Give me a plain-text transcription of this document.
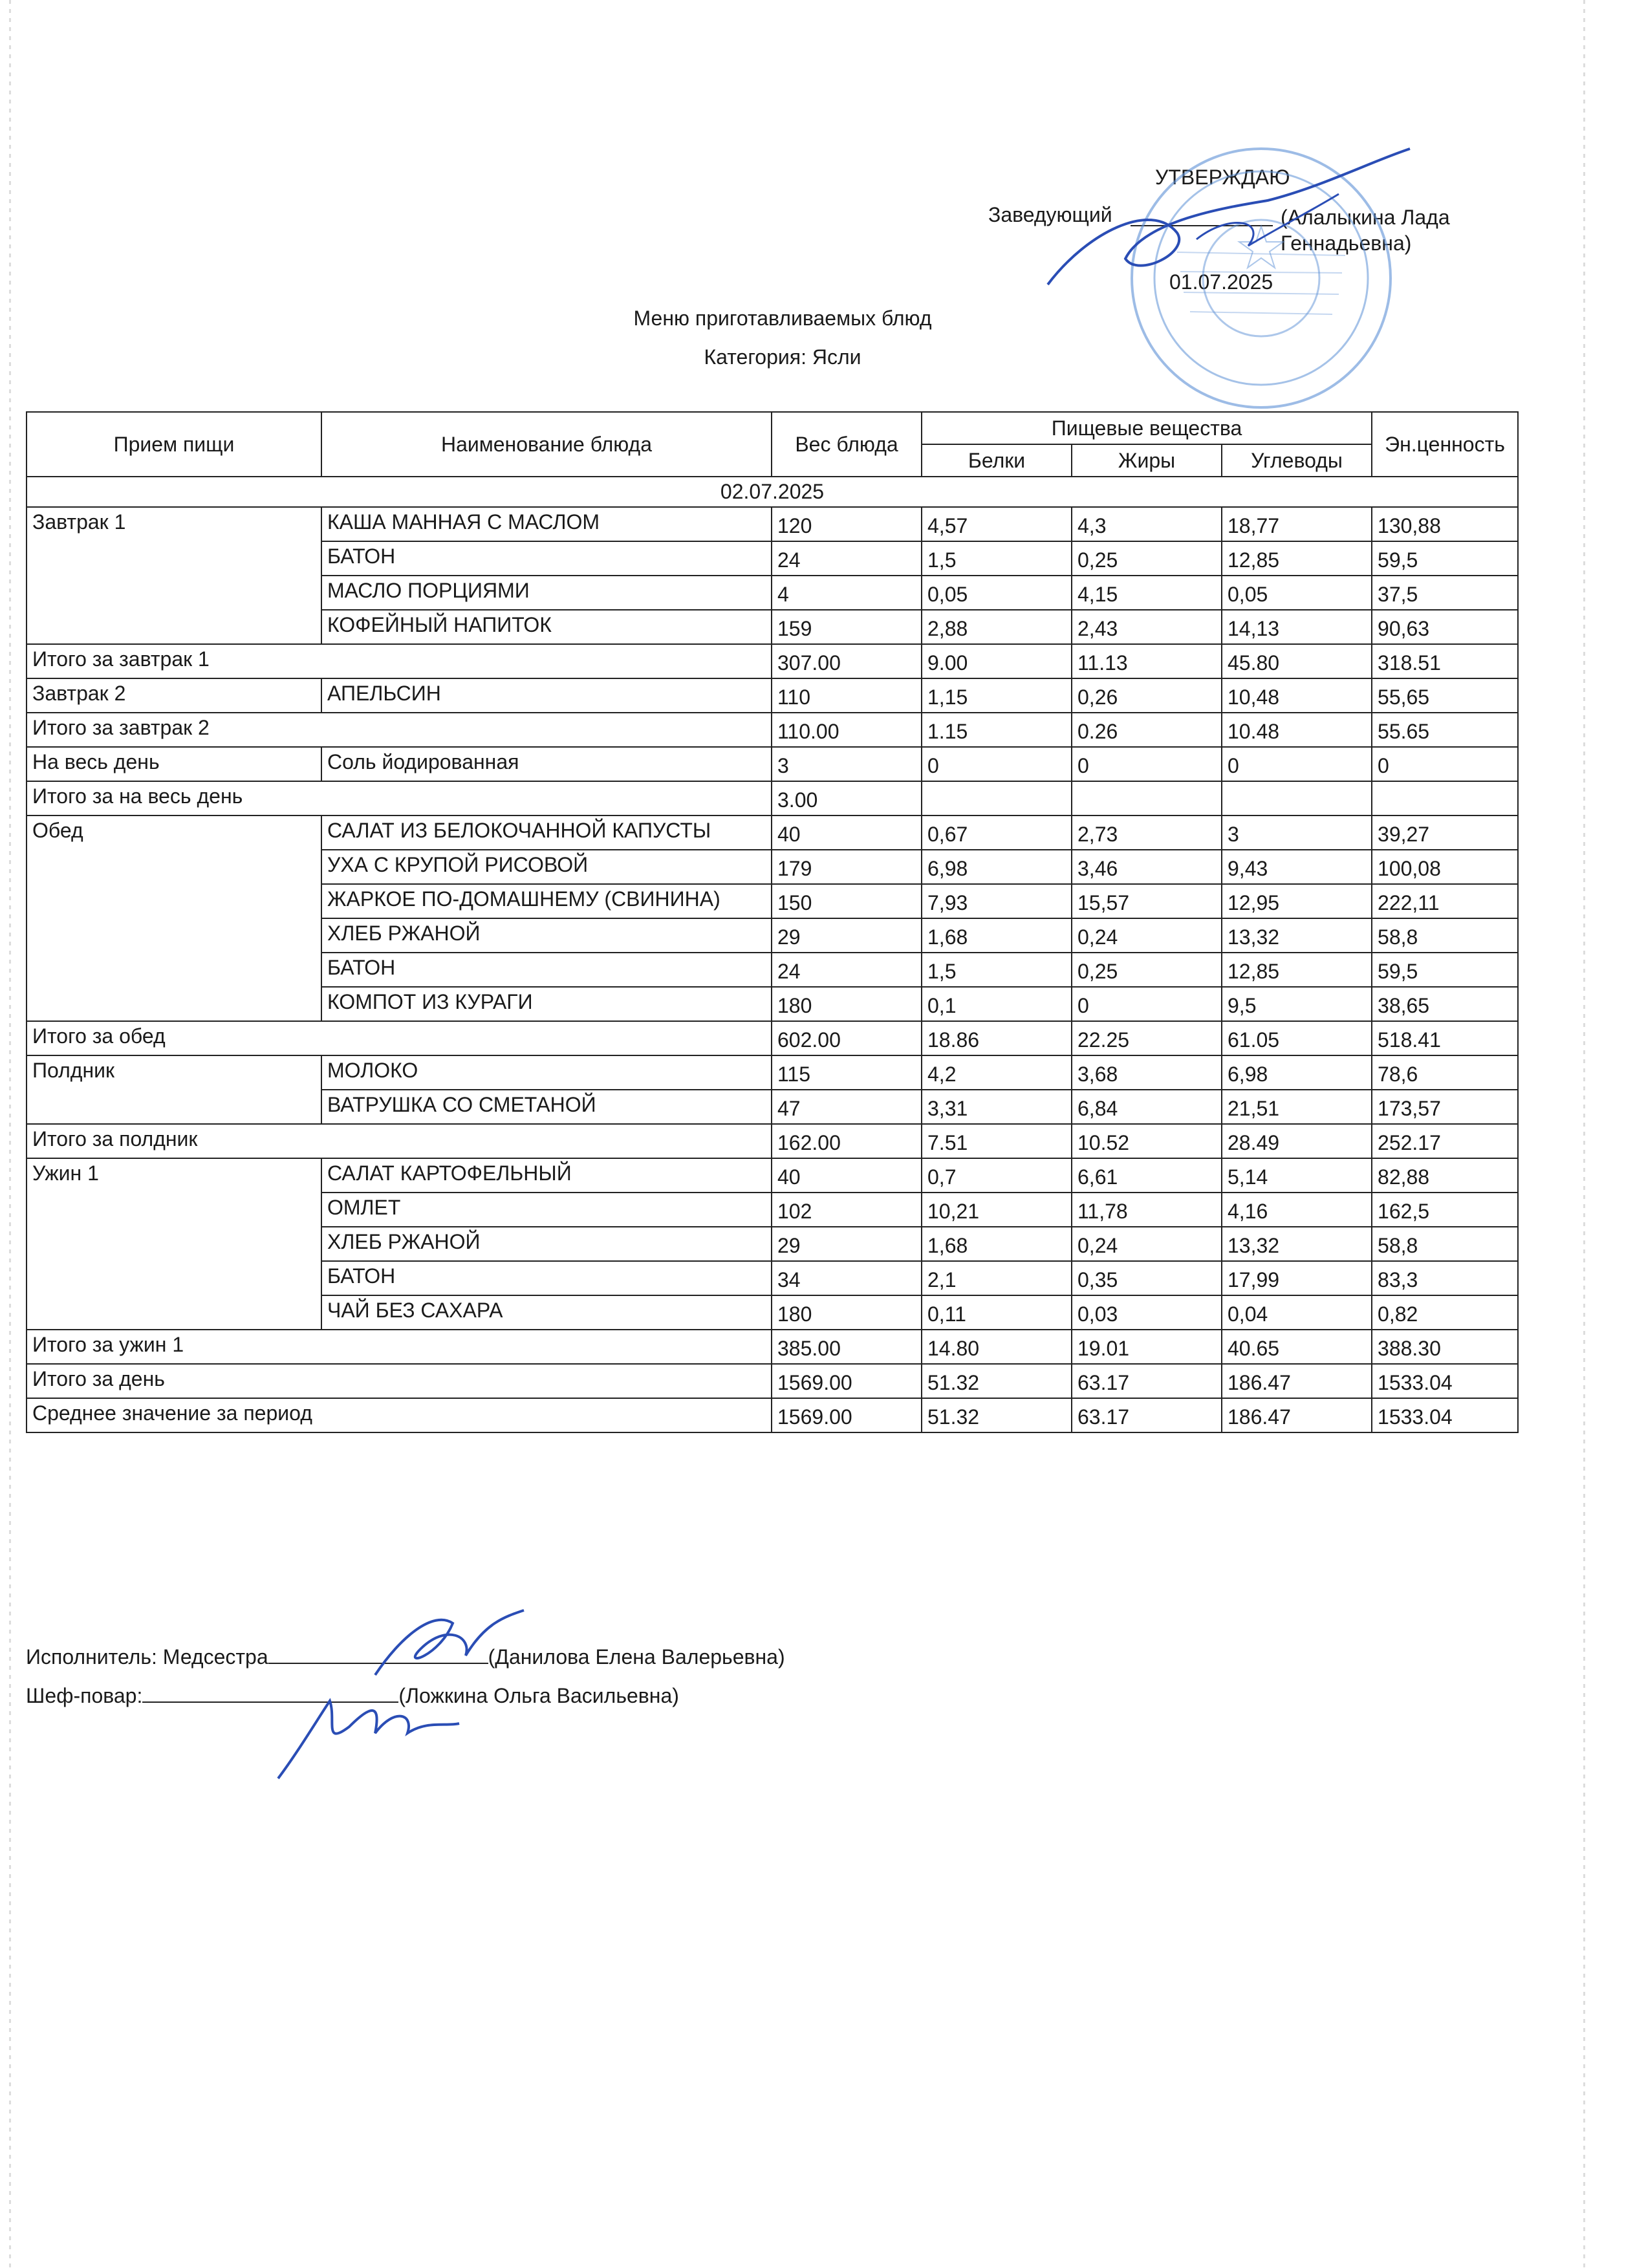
УТВЕРЖДАЮ
Заведующий	(Алалыкина Лада Геннадьевна)
01.07.2025
Меню приготавливаемых блюд
Категория: Ясли
Прием пищи	Наименование блюда	Вес блюда	Пищевые вещества			Эн.ценность
			Белки	Жиры	Углеводы	
02.07.2025						
Завтрак 1	КАША МАННАЯ С МАСЛОМ	120	4,57	4,3	18,77	130,88
	БАТОН	24	1,5	0,25	12,85	59,5
	МАСЛО ПОРЦИЯМИ	4	0,05	4,15	0,05	37,5
	КОФЕЙНЫЙ НАПИТОК	159	2,88	2,43	14,13	90,63
Итого за завтрак 1		307.00	9.00	11.13	45.80	318.51
Завтрак 2	АПЕЛЬСИН	110	1,15	0,26	10,48	55,65
Итого за завтрак 2		110.00	1.15	0.26	10.48	55.65
На весь день	Соль йодированная	3	0	0	0	0
Итого за на весь день		3.00				
Обед	САЛАТ ИЗ БЕЛОКОЧАННОЙ КАПУСТЫ	40	0,67	2,73	3	39,27
	УХА С КРУПОЙ РИСОВОЙ	179	6,98	3,46	9,43	100,08
	ЖАРКОЕ ПО-ДОМАШНЕМУ (СВИНИНА)	150	7,93	15,57	12,95	222,11
	ХЛЕБ РЖАНОЙ	29	1,68	0,24	13,32	58,8
	БАТОН	24	1,5	0,25	12,85	59,5
	КОМПОТ ИЗ КУРАГИ	180	0,1	0	9,5	38,65
Итого за обед		602.00	18.86	22.25	61.05	518.41
Полдник	МОЛОКО	115	4,2	3,68	6,98	78,6
	ВАТРУШКА СО СМЕТАНОЙ	47	3,31	6,84	21,51	173,57
Итого за полдник		162.00	7.51	10.52	28.49	252.17
Ужин 1	САЛАТ КАРТОФЕЛЬНЫЙ	40	0,7	6,61	5,14	82,88
	ОМЛЕТ	102	10,21	11,78	4,16	162,5
	ХЛЕБ РЖАНОЙ	29	1,68	0,24	13,32	58,8
	БАТОН	34	2,1	0,35	17,99	83,3
	ЧАЙ БЕЗ САХАРА	180	0,11	0,03	0,04	0,82
Итого за ужин 1		385.00	14.80	19.01	40.65	388.30
Итого за день		1569.00	51.32	63.17	186.47	1533.04
Среднее значение за период		1569.00	51.32	63.17	186.47	1533.04
Исполнитель: Медсестра	(Данилова Елена Валерьевна)
Шеф-повар:	(Ложкина Ольга Васильевна)
